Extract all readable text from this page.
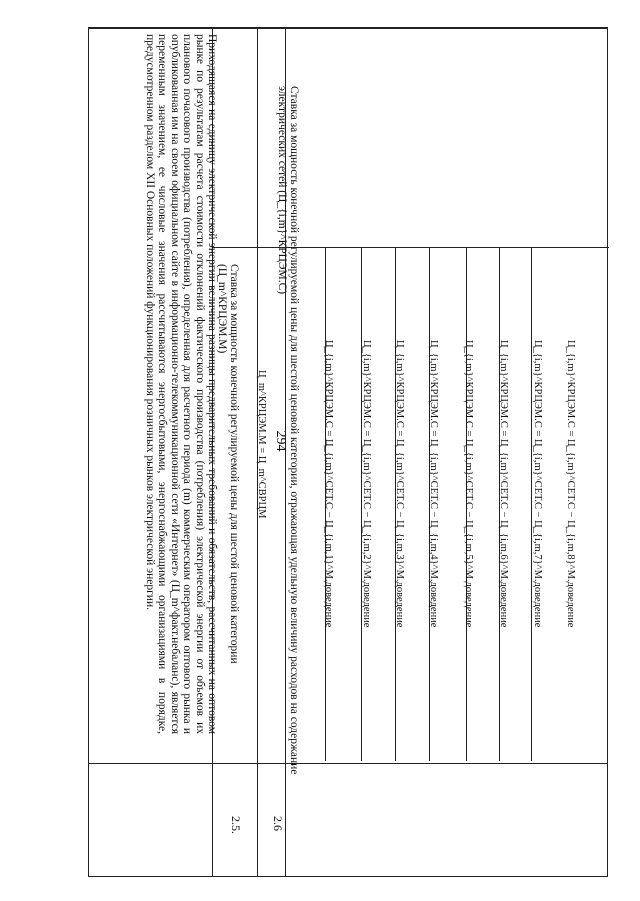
294
Приходящаяся на единицу электрической энергии величина разницы предварительных требований и обязательств, рассчитанных на оптовом рынке по результатам расчета стоимости отклонений фактического производства (потребления) электрической энергии от объемов их планового почасового производства (потребления), определенная для расчетного периода (m) коммерческим оператором оптового рынка и опубликованная им на своем официальном сайте в информационно-телекоммуникационной сети «Интернет» (Ц_m^факт.небаланс), является переменным значением, ее числовые значения рассчитываются энергосбытовыми, энергоснабжающими организациями в порядке, предусмотренном разделом XII Основных положений функционирования розничных рынков электрической энергии.
2.5.
Ставка за мощность конечной регулируемой цены для шестой ценовой категории (Ц_m^КРЦЭМ.М)
Ц_m^КРЦЭМ.М = Ц_m^СВРЦМ
2.6
Ставка за мощность конечной регулируемой цены для шестой ценовой категории, отражающая удельную величину расходов на содержание электрических сетей (Ц_{i,m}^КРЦЭМ.С)
Ц_{i,m}^КРЦЭМ.С = Ц_{i,m}^СЕТ.С − Ц_{i,m,1}^М.доведение	Ц_{i,m}^КРЦЭМ.С = Ц_{i,m}^СЕТ.С − Ц_{i,m,2}^М.доведение Ц_{i,m}^КРЦЭМ.С = Ц_{i,m}^СЕТ.С − Ц_{i,m,3}^М.доведение Ц_{i,m}^КРЦЭМ.С = Ц_{i,m}^СЕТ.С − Ц_{i,m,4}^М.доведение Ц_{i,m}^КРЦЭМ.С = Ц_{i,m}^СЕТ.С − Ц_{i,m,5}^М.доведение Ц_{i,m}^КРЦЭМ.С = Ц_{i,m}^СЕТ.С − Ц_{i,m,6}^М.доведение Ц_{i,m}^КРЦЭМ.С = Ц_{i,m}^СЕТ.С − Ц_{i,m,7}^М.доведение Ц_{i,m}^КРЦЭМ.С = Ц_{i,m}^СЕТ.С − Ц_{i,m,8}^М.доведение
